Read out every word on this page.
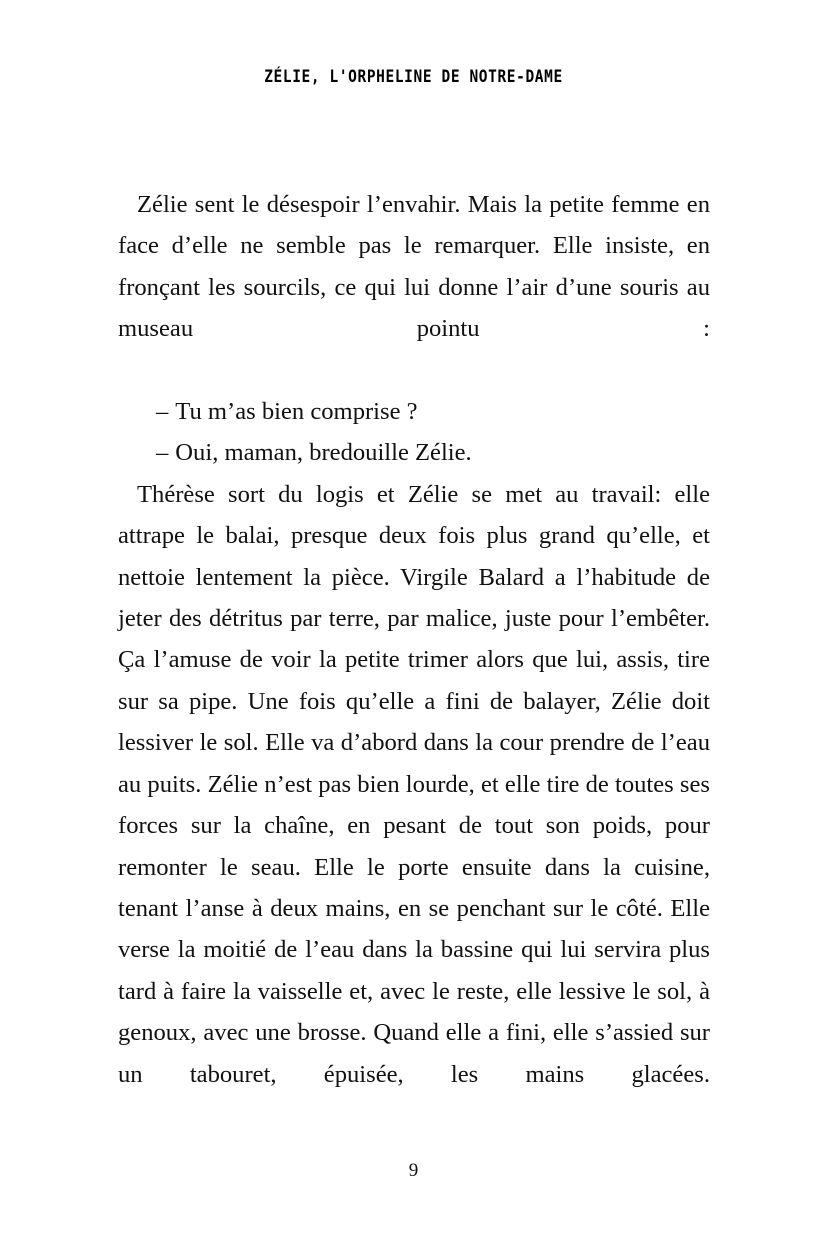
ZÉLIE, L'ORPHELINE DE NOTRE-DAME

Zélie sent le désespoir l’envahir. Mais la petite femme en face d’elle ne semble pas le remarquer. Elle insiste, en fronçant les sourcils, ce qui lui donne l’air d’une souris au museau pointu :

– Tu m’as bien comprise ?

– Oui, maman, bredouille Zélie.

Thérèse sort du logis et Zélie se met au travail: elle attrape le balai, presque deux fois plus grand qu’elle, et nettoie lentement la pièce. Virgile Balard a l’habitude de jeter des détritus par terre, par malice, juste pour l’embêter. Ça l’amuse de voir la petite trimer alors que lui, assis, tire sur sa pipe. Une fois qu’elle a fini de balayer, Zélie doit lessiver le sol. Elle va d’abord dans la cour prendre de l’eau au puits. Zélie n’est pas bien lourde, et elle tire de toutes ses forces sur la chaîne, en pesant de tout son poids, pour remonter le seau. Elle le porte ensuite dans la cuisine, tenant l’anse à deux mains, en se penchant sur le côté. Elle verse la moitié de l’eau dans la bassine qui lui servira plus tard à faire la vaisselle et, avec le reste, elle lessive le sol, à genoux, avec une brosse. Quand elle a fini, elle s’assied sur un tabouret, épuisée, les mains glacées.

9
